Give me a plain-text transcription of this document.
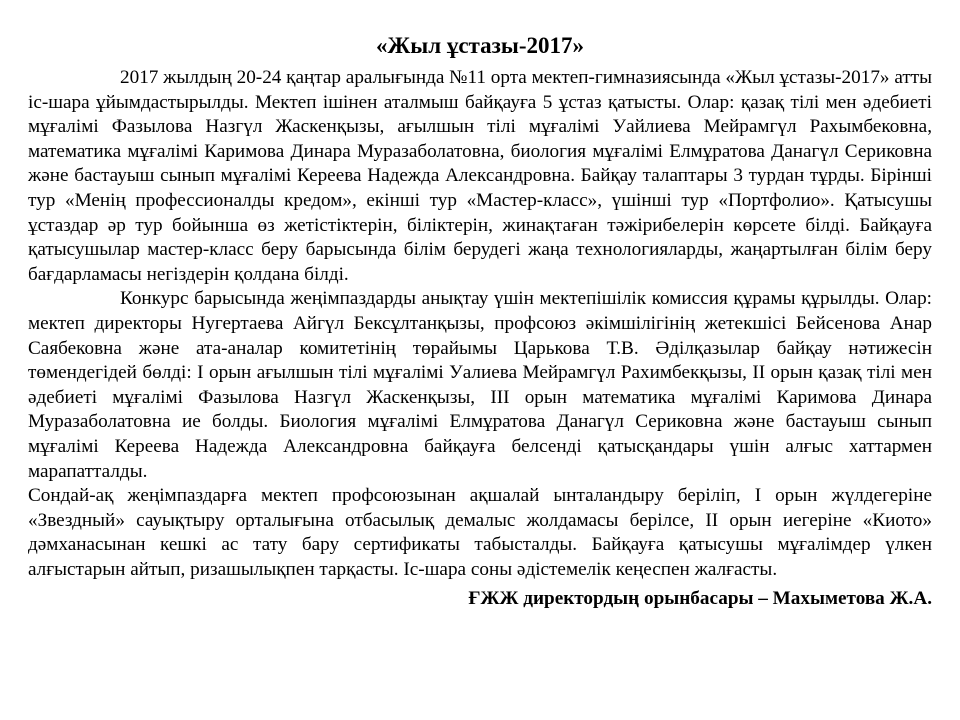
«Жыл ұстазы-2017»

2017 жылдың 20-24 қаңтар аралығында №11 орта мектеп-гимназиясында «Жыл ұстазы-2017» атты іс-шара ұйымдастырылды. Мектеп ішінен аталмыш байқауға 5 ұстаз қатысты. Олар: қазақ тілі мен әдебиеті мұғалімі Фазылова Назгүл Жаскенқызы, ағылшын тілі мұғалімі Уайлиева Мейрамгүл Рахымбековна, математика мұғалімі Каримова Динара Муразаболатовна, биология мұғалімі Елмұратова Данагүл Сериковна және бастауыш сынып мұғалімі Кереева Надежда Александровна. Байқау талаптары 3 турдан тұрды. Бірінші тур «Менің профессионалды кредом», екінші тур «Мастер-класс», үшінші тур «Портфолио». Қатысушы ұстаздар әр тур бойынша өз жетістіктерін, біліктерін, жинақтаған тәжірибелерін көрсете білді. Байқауға қатысушылар мастер-класс беру барысында білім берудегі жаңа технологияларды, жаңартылған білім беру бағдарламасы негіздерін қолдана білді.

Конкурс барысында жеңімпаздарды анықтау үшін мектепішілік комиссия құрамы құрылды. Олар: мектеп директоры Нугертаева Айгүл Бексұлтанқызы, профсоюз әкімшілігінің жетекшісі Бейсенова Анар Саябековна және ата-аналар комитетінің төрайымы Царькова Т.В. Әділқазылар байқау нәтижесін төмендегідей бөлді: І орын ағылшын тілі мұғалімі Уалиева Мейрамгүл Рахимбекқызы, ІІ орын қазақ тілі мен әдебиеті мұғалімі Фазылова Назгүл Жаскенқызы, ІІІ орын математика мұғалімі Каримова Динара Муразаболатовна ие болды. Биология мұғалімі Елмұратова Данагүл Сериковна және бастауыш сынып мұғалімі Кереева Надежда Александровна байқауға белсенді қатысқандары үшін алғыс хаттармен марапатталды.

Сондай-ақ жеңімпаздарға мектеп профсоюзынан ақшалай ынталандыру беріліп, І орын жүлдегеріне «Звездный» сауықтыру орталығына отбасылық демалыс жолдамасы берілсе, ІІ орын иегеріне «Киото» дәмханасынан кешкі ас тату бару сертификаты табысталды. Байқауға қатысушы мұғалімдер үлкен алғыстарын айтып, ризашылықпен тарқасты. Іс-шара соны әдістемелік кеңеспен жалғасты.

ҒЖЖ директордың орынбасары – Махыметова Ж.А.
